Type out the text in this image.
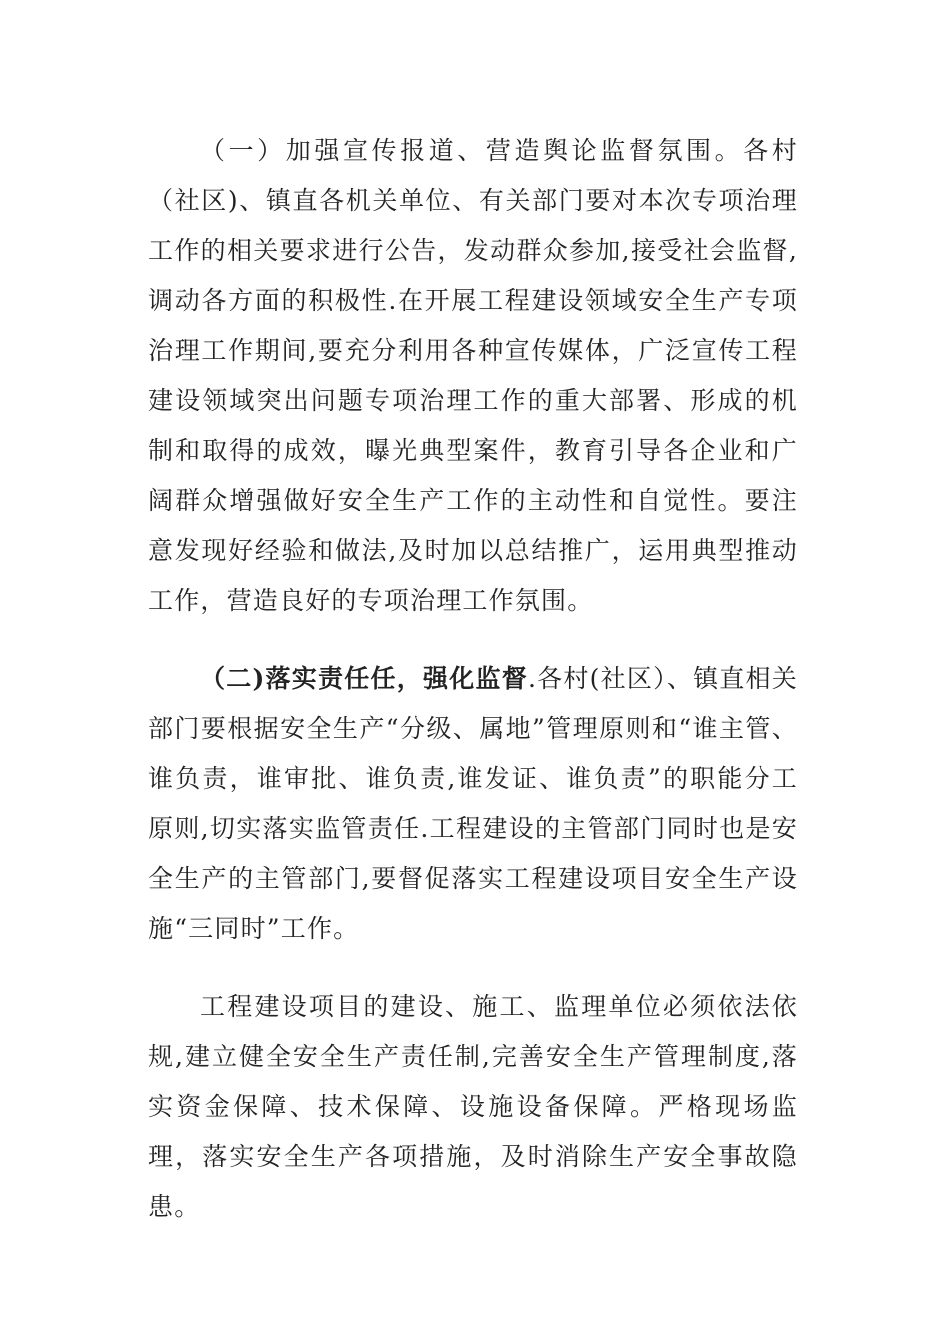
（一）加强宣传报道、营造舆论监督氛围。各村（社区)、镇直各机关单位、有关部门要对本次专项治理工作的相关要求进行公告，发动群众参加,接受社会监督,调动各方面的积极性.在开展工程建设领域安全生产专项治理工作期间,要充分利用各种宣传媒体，广泛宣传工程建设领域突出问题专项治理工作的重大部署、形成的机制和取得的成效，曝光典型案件，教育引导各企业和广阔群众增强做好安全生产工作的主动性和自觉性。要注意发现好经验和做法,及时加以总结推广，运用典型推动工作，营造良好的专项治理工作氛围。

（二)落实责任任，强化监督.各村(社区）、镇直相关部门要根据安全生产“分级、属地”管理原则和“谁主管、谁负责，谁审批、谁负责,谁发证、谁负责”的职能分工原则,切实落实监管责任.工程建设的主管部门同时也是安全生产的主管部门,要督促落实工程建设项目安全生产设施“三同时”工作。

工程建设项目的建设、施工、监理单位必须依法依规,建立健全安全生产责任制,完善安全生产管理制度,落实资金保障、技术保障、设施设备保障。严格现场监理，落实安全生产各项措施，及时消除生产安全事故隐患。
